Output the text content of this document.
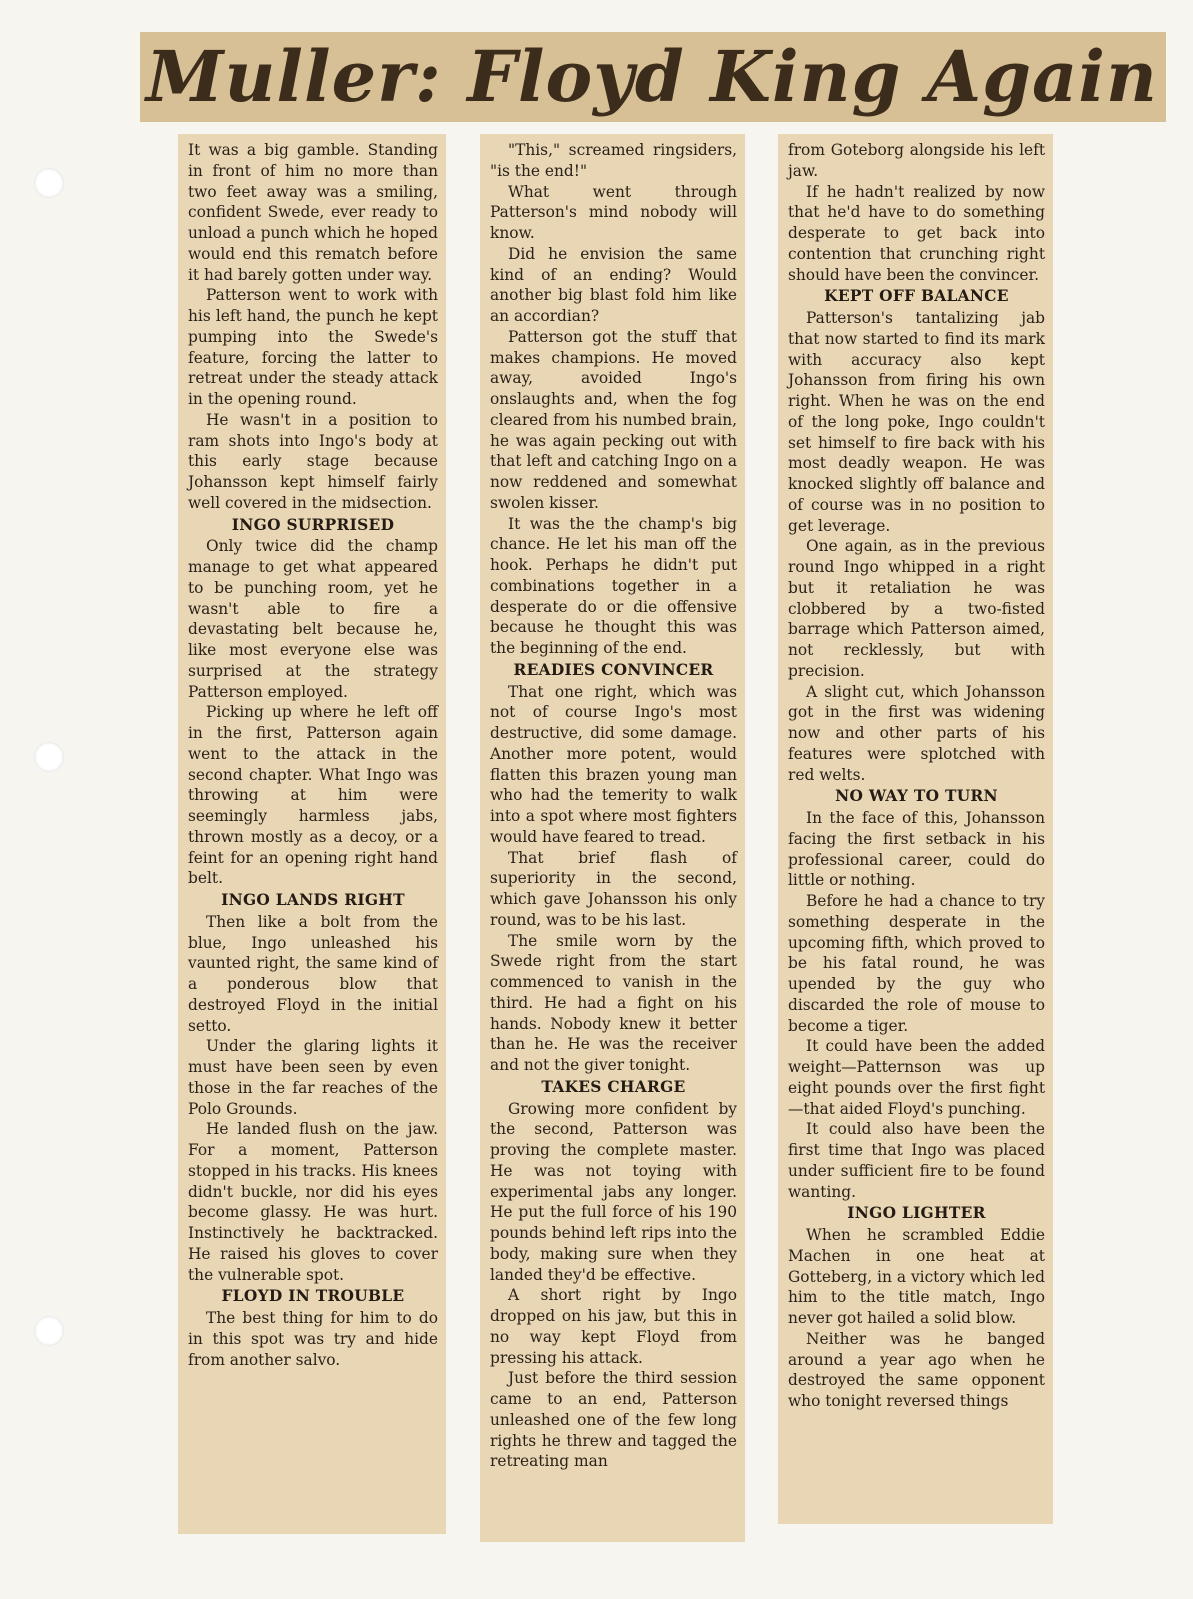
Muller: Floyd King Again

It was a big gamble. Standing in front of him no more than two feet away was a smiling, confident Swede, ever ready to unload a punch which he hoped would end this rematch before it had barely gotten under way.

Patterson went to work with his left hand, the punch he kept pumping into the Swede's feature, forcing the latter to retreat under the steady attack in the opening round.

He wasn't in a position to ram shots into Ingo's body at this early stage because Johansson kept himself fairly well covered in the midsection.

INGO SURPRISED

Only twice did the champ manage to get what appeared to be punching room, yet he wasn't able to fire a devastating belt because he, like most everyone else was surprised at the strategy Patterson employed.

Picking up where he left off in the first, Patterson again went to the attack in the second chapter. What Ingo was throwing at him were seemingly harmless jabs, thrown mostly as a decoy, or a feint for an opening right hand belt.

INGO LANDS RIGHT

Then like a bolt from the blue, Ingo unleashed his vaunted right, the same kind of a ponderous blow that destroyed Floyd in the initial setto.

Under the glaring lights it must have been seen by even those in the far reaches of the Polo Grounds.

He landed flush on the jaw. For a moment, Patterson stopped in his tracks. His knees didn't buckle, nor did his eyes become glassy. He was hurt. Instinctively he backtracked. He raised his gloves to cover the vulnerable spot.

FLOYD IN TROUBLE

The best thing for him to do in this spot was try and hide from another salvo.

"This," screamed ringsiders, "is the end!"

What went through Patterson's mind nobody will know.

Did he envision the same kind of an ending? Would another big blast fold him like an accordian?

Patterson got the stuff that makes champions. He moved away, avoided Ingo's onslaughts and, when the fog cleared from his numbed brain, he was again pecking out with that left and catching Ingo on a now reddened and somewhat swolen kisser.

It was the the champ's big chance. He let his man off the hook. Perhaps he didn't put combinations together in a desperate do or die offensive because he thought this was the beginning of the end.

READIES CONVINCER

That one right, which was not of course Ingo's most destructive, did some damage. Another more potent, would flatten this brazen young man who had the temerity to walk into a spot where most fighters would have feared to tread.

That brief flash of superiority in the second, which gave Johansson his only round, was to be his last.

The smile worn by the Swede right from the start commenced to vanish in the third. He had a fight on his hands. Nobody knew it better than he. He was the receiver and not the giver tonight.

TAKES CHARGE

Growing more confident by the second, Patterson was proving the complete master. He was not toying with experimental jabs any longer. He put the full force of his 190 pounds behind left rips into the body, making sure when they landed they'd be effective.

A short right by Ingo dropped on his jaw, but this in no way kept Floyd from pressing his attack.

Just before the third session came to an end, Patterson unleashed one of the few long rights he threw and tagged the retreating man

from Goteborg alongside his left jaw.

If he hadn't realized by now that he'd have to do something desperate to get back into contention that crunching right should have been the convincer.

KEPT OFF BALANCE

Patterson's tantalizing jab that now started to find its mark with accuracy also kept Johansson from firing his own right. When he was on the end of the long poke, Ingo couldn't set himself to fire back with his most deadly weapon. He was knocked slightly off balance and of course was in no position to get leverage.

One again, as in the previous round Ingo whipped in a right but it retaliation he was clobbered by a two-fisted barrage which Patterson aimed, not recklessly, but with precision.

A slight cut, which Johansson got in the first was widening now and other parts of his features were splotched with red welts.

NO WAY TO TURN

In the face of this, Johansson facing the first setback in his professional career, could do little or nothing.

Before he had a chance to try something desperate in the upcoming fifth, which proved to be his fatal round, he was upended by the guy who discarded the role of mouse to become a tiger.

It could have been the added weight—Patternson was up eight pounds over the first fight—that aided Floyd's punching.

It could also have been the first time that Ingo was placed under sufficient fire to be found wanting.

INGO LIGHTER

When he scrambled Eddie Machen in one heat at Gotteberg, in a victory which led him to the title match, Ingo never got hailed a solid blow.

Neither was he banged around a year ago when he destroyed the same opponent who tonight reversed things
